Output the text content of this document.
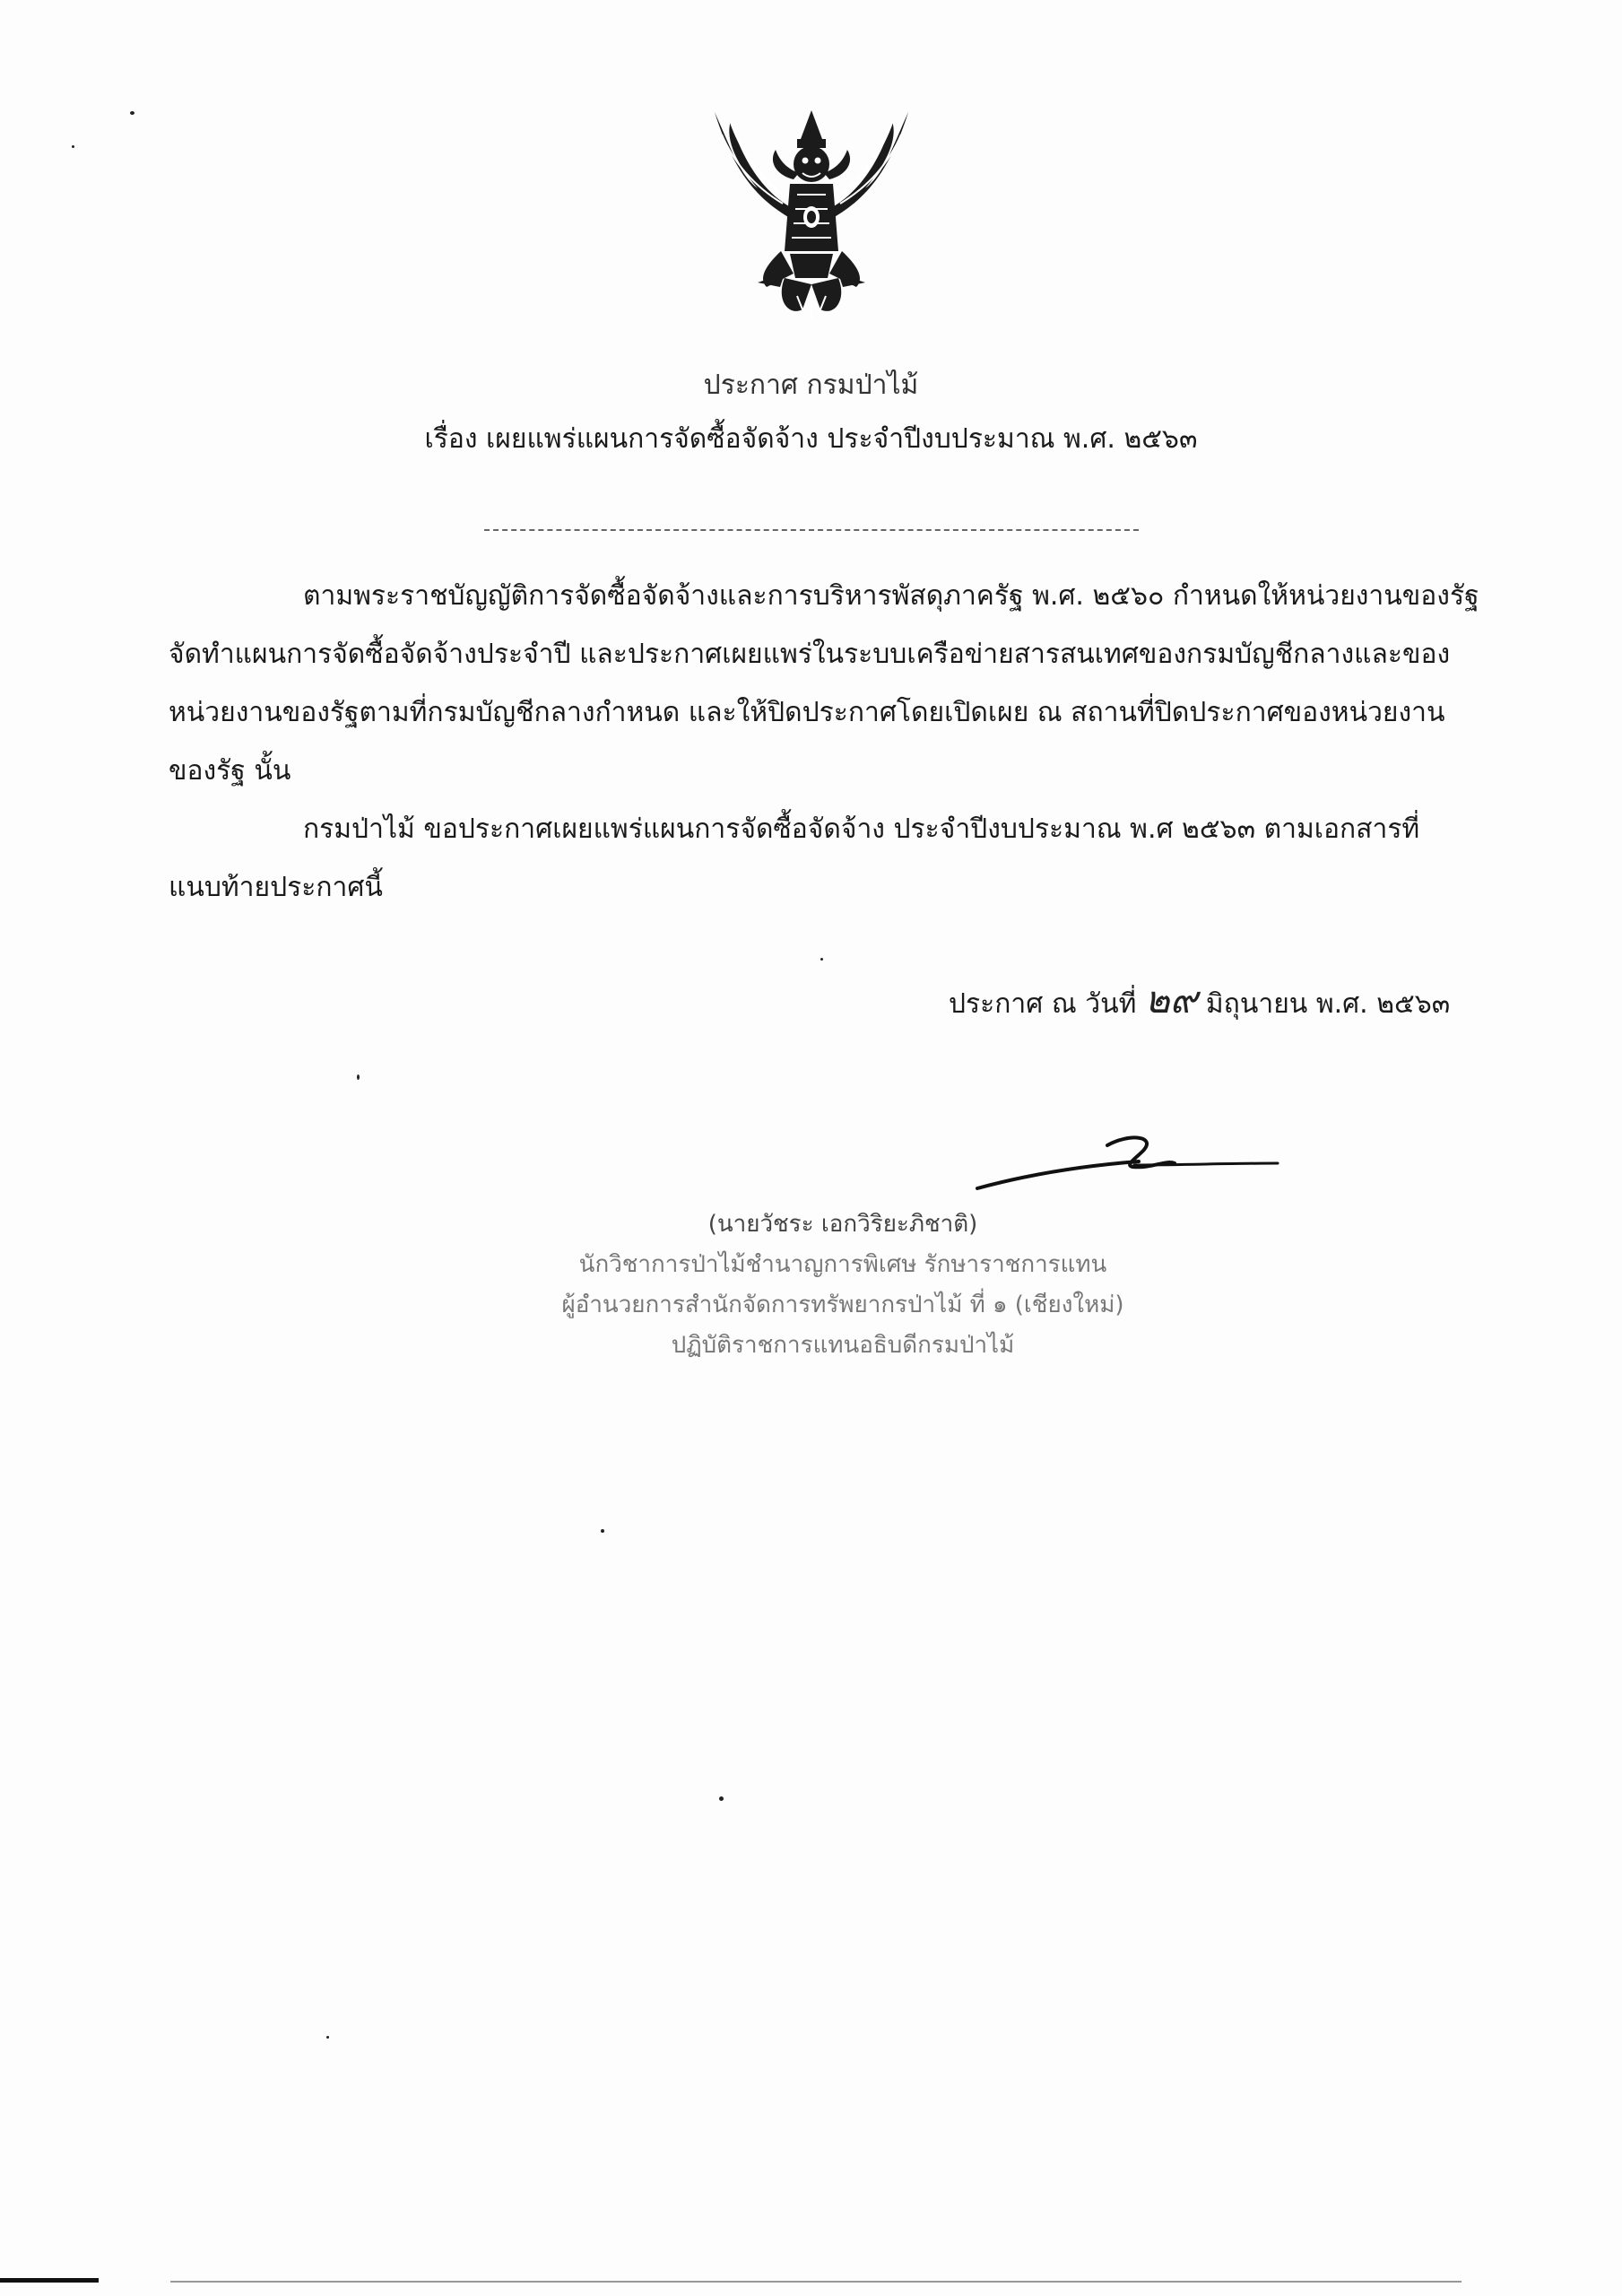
ประกาศ กรมป่าไม้
เรื่อง เผยแพร่แผนการจัดซื้อจัดจ้าง ประจำปีงบประมาณ พ.ศ. ๒๕๖๓
ตามพระราชบัญญัติการจัดซื้อจัดจ้างและการบริหารพัสดุภาครัฐ พ.ศ. ๒๕๖๐ กำหนดให้หน่วยงานของรัฐ
จัดทำแผนการจัดซื้อจัดจ้างประจำปี และประกาศเผยแพร่ในระบบเครือข่ายสารสนเทศของกรมบัญชีกลางและของ
หน่วยงานของรัฐตามที่กรมบัญชีกลางกำหนด และให้ปิดประกาศโดยเปิดเผย ณ สถานที่ปิดประกาศของหน่วยงาน
ของรัฐ นั้น
กรมป่าไม้ ขอประกาศเผยแพร่แผนการจัดซื้อจัดจ้าง ประจำปีงบประมาณ พ.ศ ๒๕๖๓ ตามเอกสารที่
แนบท้ายประกาศนี้
ประกาศ ณ วันที่ ๒๙ มิถุนายน พ.ศ. ๒๕๖๓
(นายวัชระ เอกวิริยะภิชาติ)
นักวิชาการป่าไม้ชำนาญการพิเศษ รักษาราชการแทน
ผู้อำนวยการสำนักจัดการทรัพยากรป่าไม้ ที่ ๑ (เชียงใหม่)
ปฏิบัติราชการแทนอธิบดีกรมป่าไม้
